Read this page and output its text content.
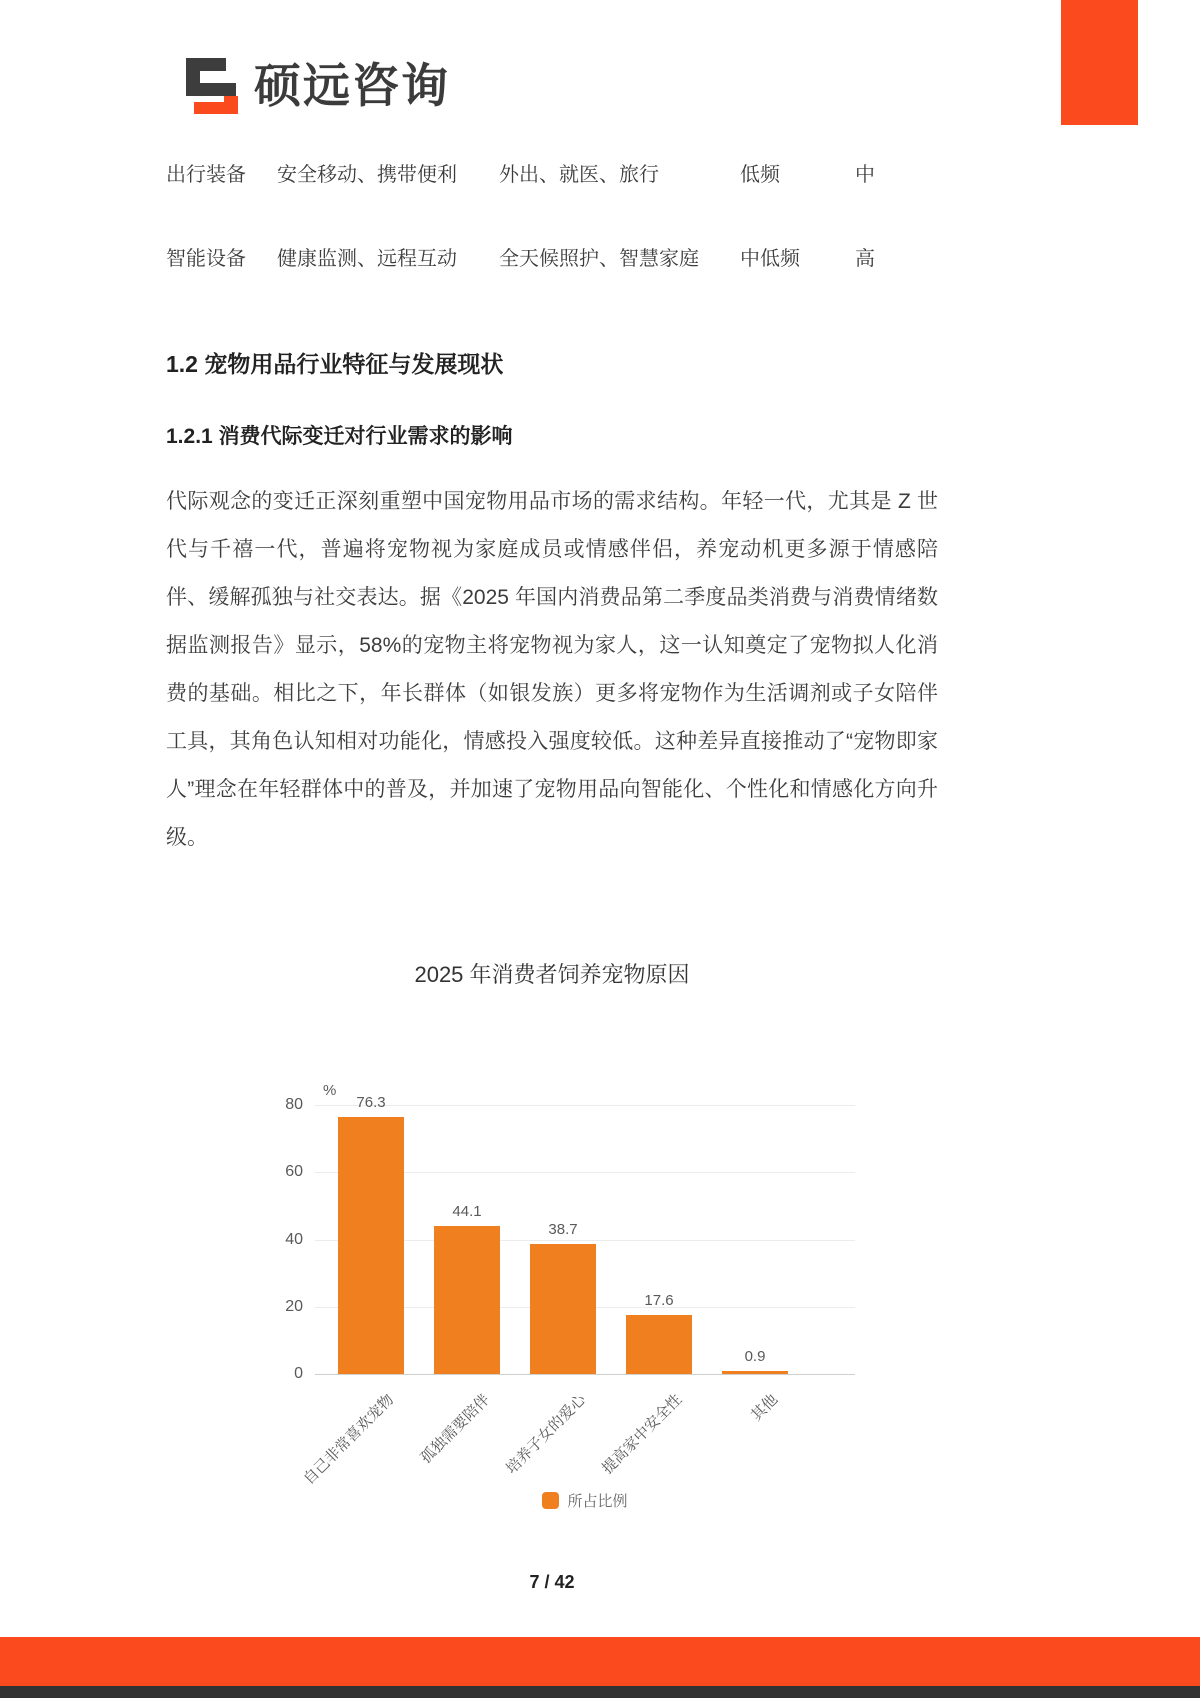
硕远咨询
出行装备 安全移动、携带便利 外出、就医、旅行	低频	中
智能设备 健康监测、远程互动 全天候照护、智慧家庭 中低频	高
1.2 宠物用品行业特征与发展现状
1.2.1 消费代际变迁对行业需求的影响
代际观念的变迁正深刻重塑中国宠物用品市场的需求结构。年轻一代，尤其是 Z 世代与千禧一代，普遍将宠物视为家庭成员或情感伴侣，养宠动机更多源于情感陪伴、缓解孤独与社交表达。据《2025 年国内消费品第二季度品类消费与消费情绪数据监测报告》显示，58%的宠物主将宠物视为家人，这一认知奠定了宠物拟人化消费的基础。相比之下，年长群体（如银发族）更多将宠物作为生活调剂或子女陪伴工具，其角色认知相对功能化，情感投入强度较低。这种差异直接推动了“宠物即家人”理念在年轻群体中的普及，并加速了宠物用品向智能化、个性化和情感化方向升级。
2025 年消费者饲养宠物原因
%
自己非常喜欢宠物 孤独需要陪伴 培养子女的爱心 提高家中安全性	其他
所占比例
0
20
40
60
80	76.3
44.1
38.7
17.6
0.9
7 / 42
